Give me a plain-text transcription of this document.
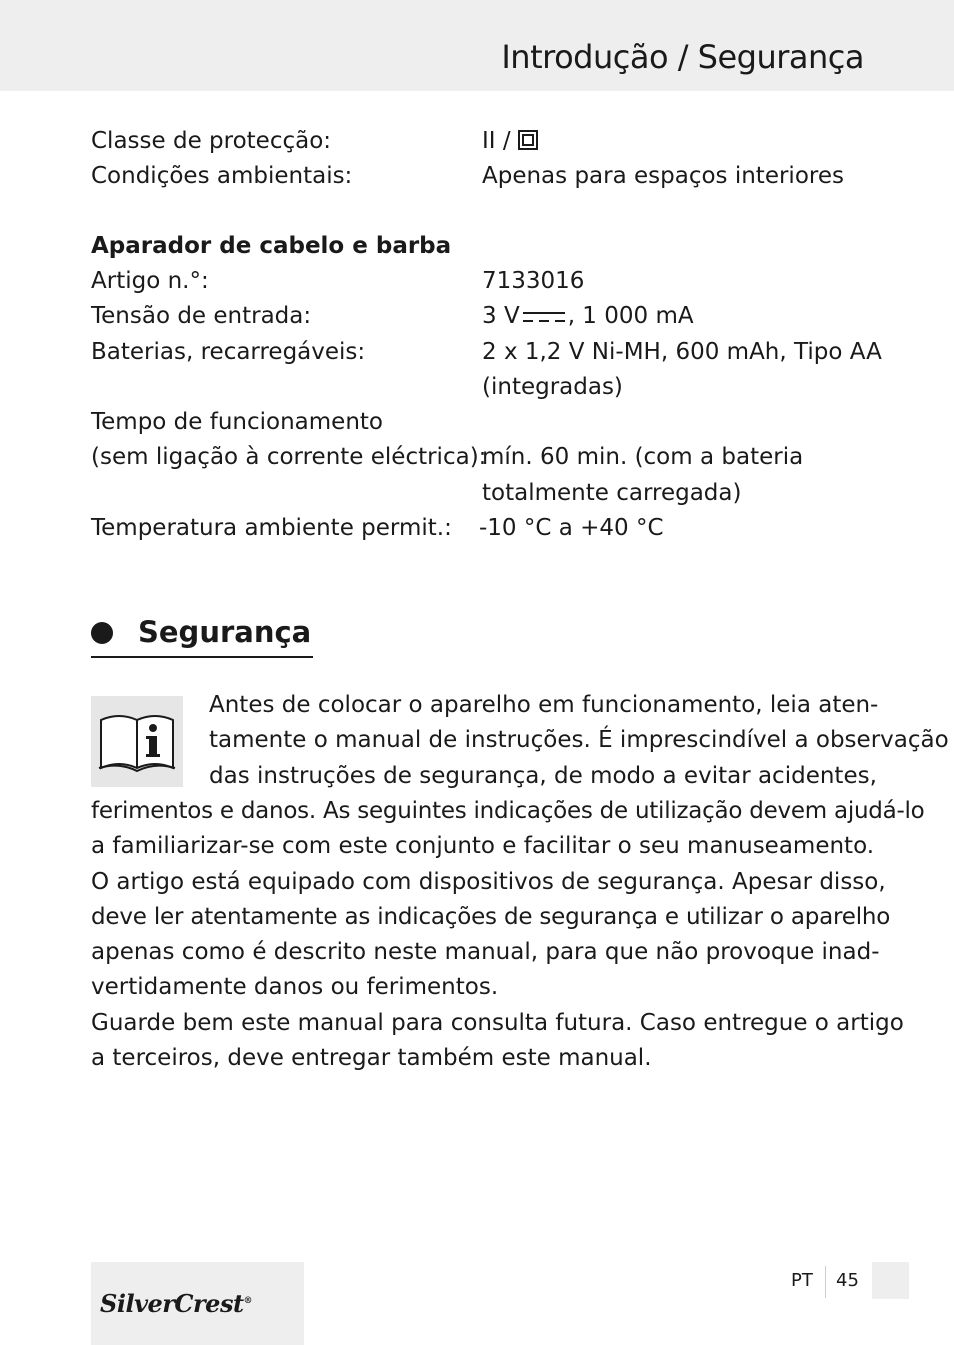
Introdução / Segurança
Classe de protecção:	II /
Condições ambientais:	Apenas para espaços interiores
Aparador de cabelo e barba
Artigo n.°:	7133016
Tensão de entrada:	3 V , 1 000 mA
Baterias, recarregáveis:	2 x 1,2 V Ni-MH, 600 mAh, Tipo AA
(integradas)
Tempo de funcionamento
(sem ligação à corrente eléctrica):
mín. 60 min. (com a bateria
totalmente carregada)
Temperatura ambiente permit.: -10 °C a +40 °C
Segurança
Antes de colocar o aparelho em funcionamento, leia aten-
tamente o manual de instruções. É imprescindível a observação
das instruções de segurança, de modo a evitar acidentes,
ferimentos e danos. As seguintes indicações de utilização devem ajudá-lo
a familiarizar-se com este conjunto e facilitar o seu manuseamento.
O artigo está equipado com dispositivos de segurança. Apesar disso,
deve ler atentamente as indicações de segurança e utilizar o aparelho
apenas como é descrito neste manual, para que não provoque inad-
vertidamente danos ou ferimentos.
Guarde bem este manual para consulta futura. Caso entregue o artigo
a terceiros, deve entregar também este manual.
SilverCrest®
PT 45
